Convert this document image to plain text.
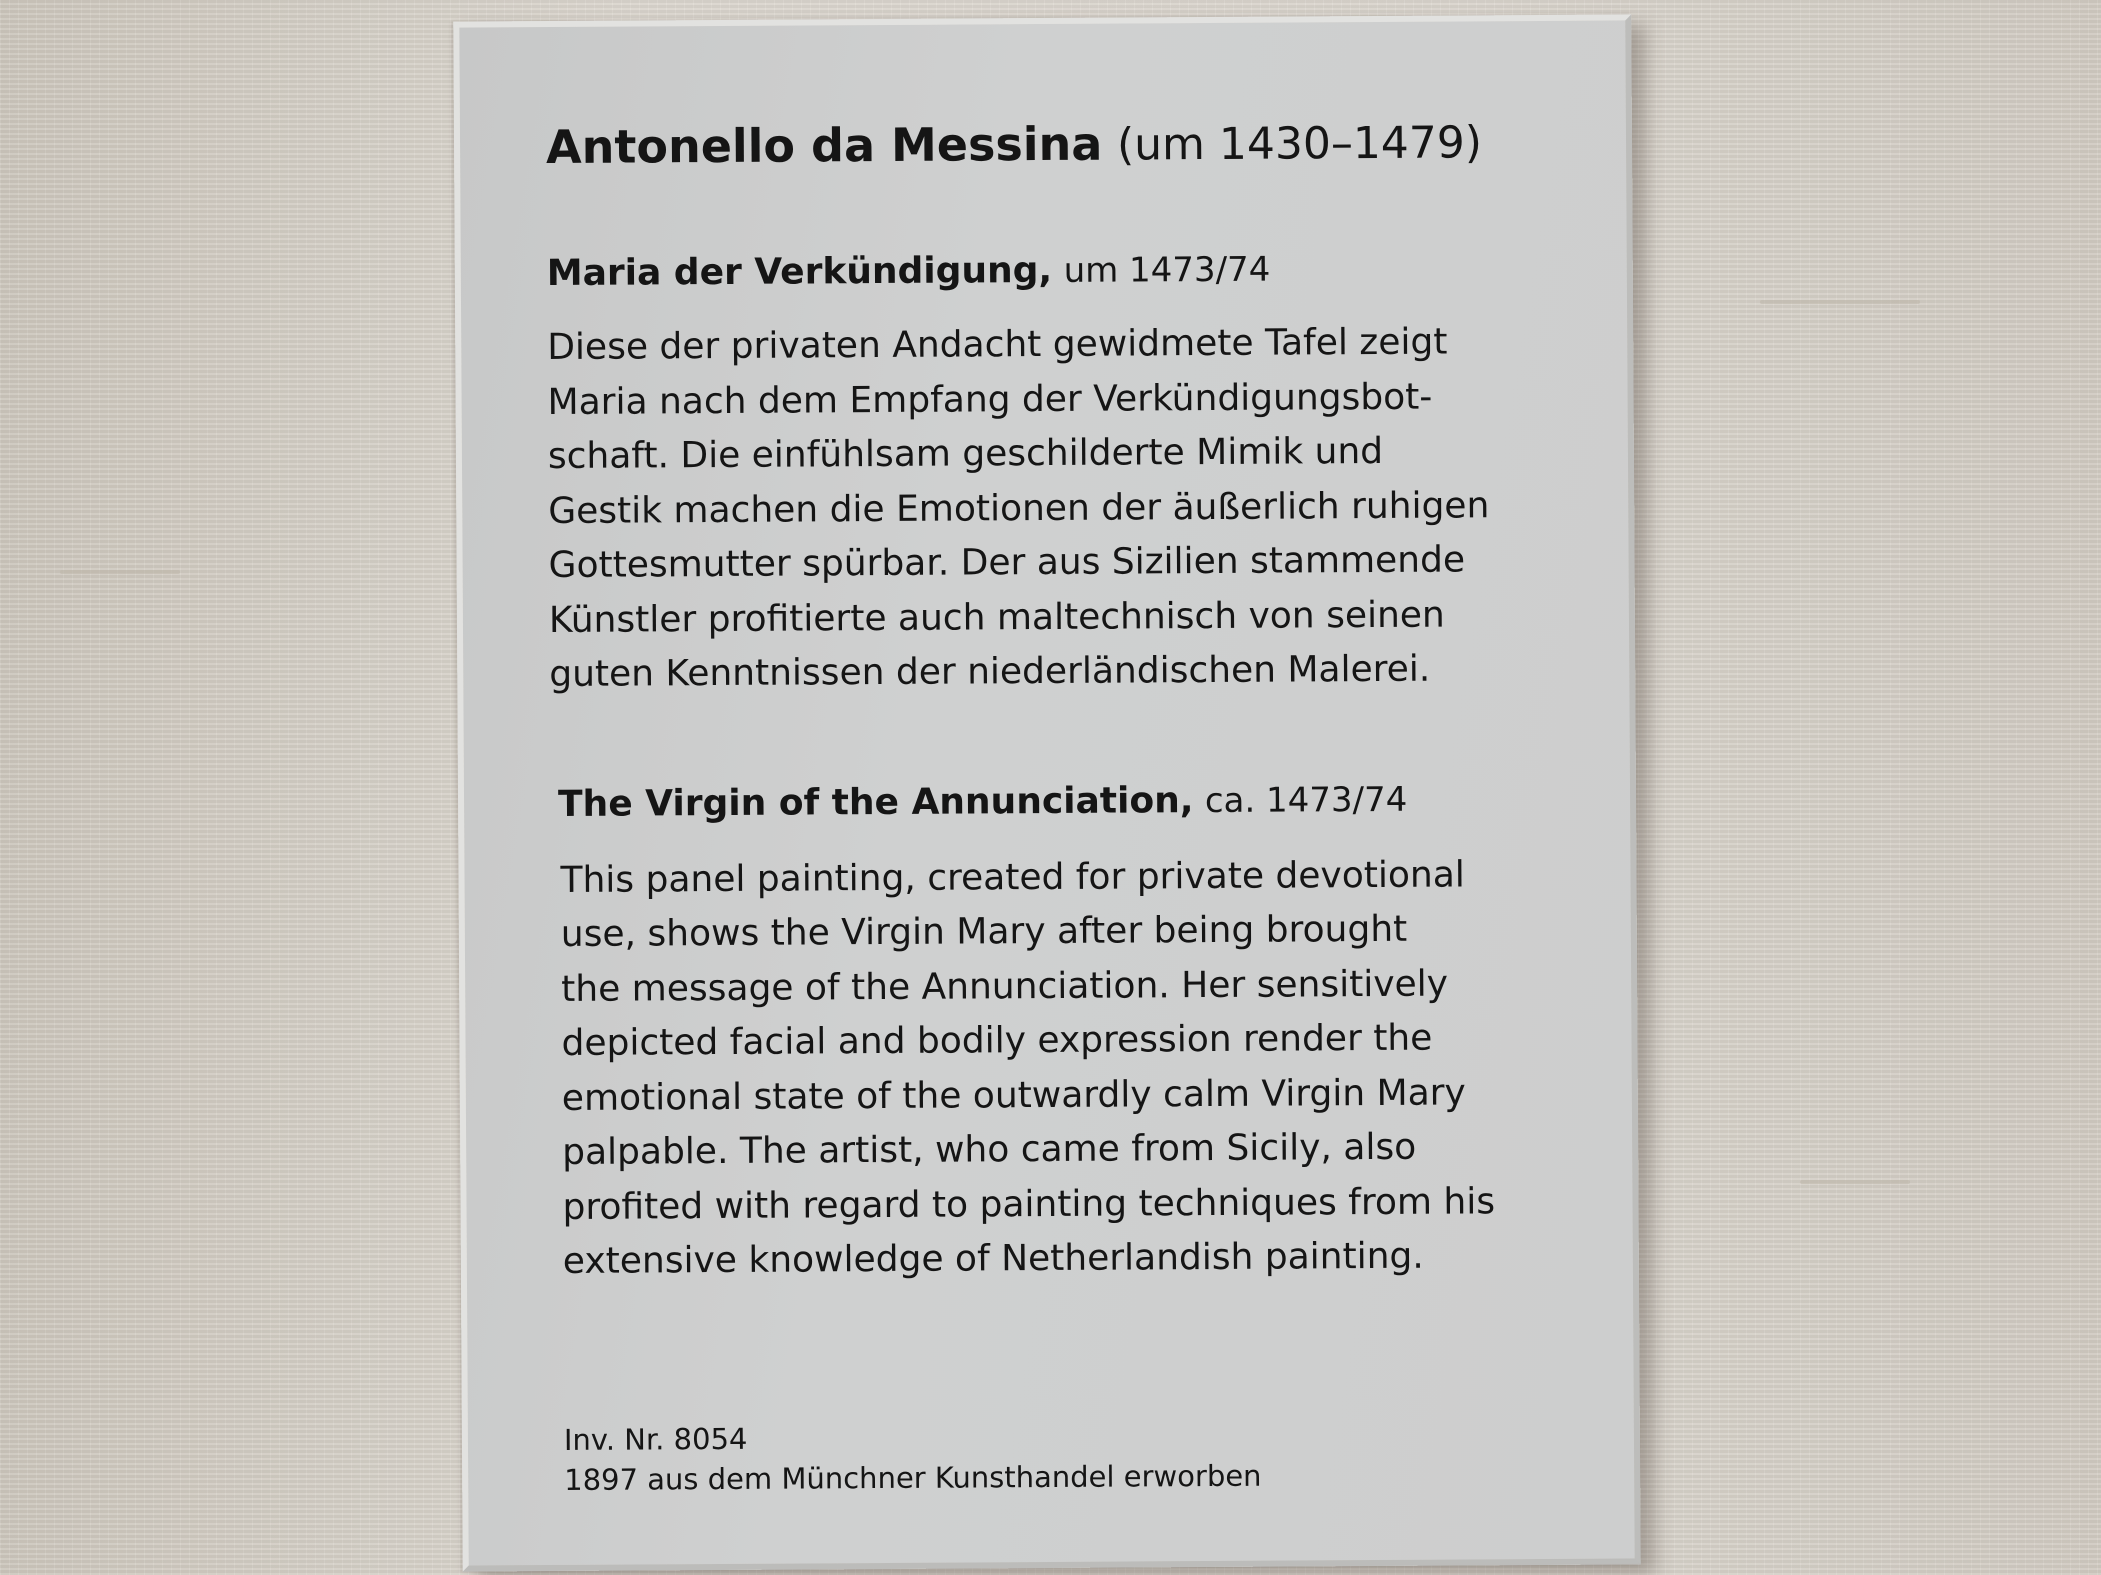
Antonello da Messina (um 1430–1479)

Maria der Verkündigung, um 1473/74

Diese der privaten Andacht gewidmete Tafel zeigt
Maria nach dem Empfang der Verkündigungsbot-
schaft. Die einfühlsam geschilderte Mimik und
Gestik machen die Emotionen der äußerlich ruhigen
Gottesmutter spürbar. Der aus Sizilien stammende
Künstler profitierte auch maltechnisch von seinen
guten Kenntnissen der niederländischen Malerei.

The Virgin of the Annunciation, ca. 1473/74

This panel painting, created for private devotional
use, shows the Virgin Mary after being brought
the message of the Annunciation. Her sensitively
depicted facial and bodily expression render the
emotional state of the outwardly calm Virgin Mary
palpable. The artist, who came from Sicily, also
profited with regard to painting techniques from his
extensive knowledge of Netherlandish painting.

Inv. Nr. 8054
1897 aus dem Münchner Kunsthandel erworben
